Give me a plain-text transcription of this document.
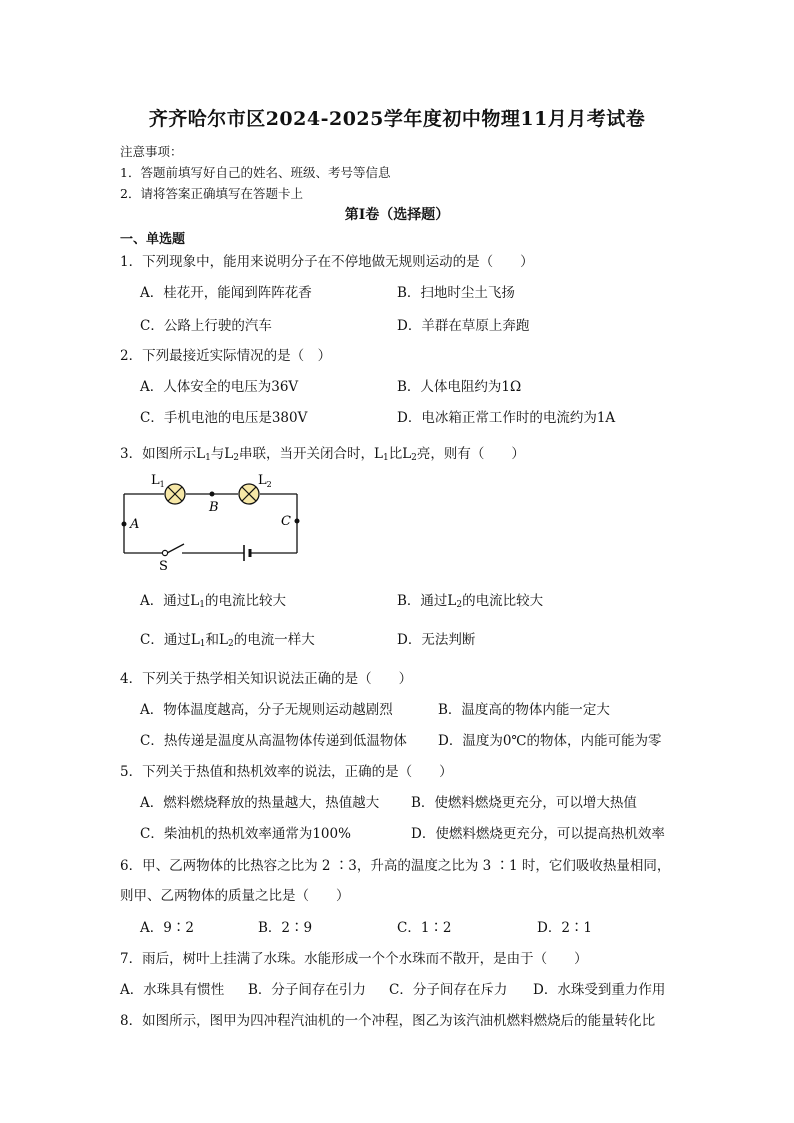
齐齐哈尔市区2024-2025学年度初中物理11月月考试卷
注意事项：
1．答题前填写好自己的姓名、班级、考号等信息
2．请将答案正确填写在答题卡上
第I卷（选择题）
一、单选题
1．下列现象中，能用来说明分子在不停地做无规则运动的是（　　）
A．桂花开，能闻到阵阵花香	B．扫地时尘土飞扬
C．公路上行驶的汽车	D．羊群在草原上奔跑
2．下列最接近实际情况的是（　）
A．人体安全的电压为36V	B．人体电阻约为1Ω
C．手机电池的电压是380V	D．电冰箱正常工作时的电流约为1A
3．如图所示$L_1$与$L_2$串联，当开关闭合时，$L_1$比$L_2$亮，则有（　　）
$L_1$	$L_2$
B
A	C
S
A．通过$L_1$的电流比较大	B．通过$L_2$的电流比较大
C．通过$L_1$和$L_2$的电流一样大	D．无法判断
4．下列关于热学相关知识说法正确的是（　　）
A．物体温度越高，分子无规则运动越剧烈	B．温度高的物体内能一定大
C．热传递是温度从高温物体传递到低温物体 D．温度为0℃的物体，内能可能为零
5．下列关于热值和热机效率的说法，正确的是（　　）
A．燃料燃烧释放的热量越大，热值越大 B．使燃料燃烧更充分，可以增大热值
C．柴油机的热机效率通常为100%	D．使燃料燃烧更充分，可以提高热机效率
6．甲、乙两物体的比热容之比为 2 ∶3，升高的温度之比为 3 ∶1 时，它们吸收热量相同，
则甲、乙两物体的质量之比是（　　）
A．9∶2	B．2∶9	C．1∶2	D．2∶1
7．雨后，树叶上挂满了水珠。水能形成一个个水珠而不散开，是由于（　　）
A．水珠具有惯性 B．分子间存在引力 C．分子间存在斥力 D．水珠受到重力作用
8．如图所示，图甲为四冲程汽油机的一个冲程，图乙为该汽油机燃料燃烧后的能量转化比
